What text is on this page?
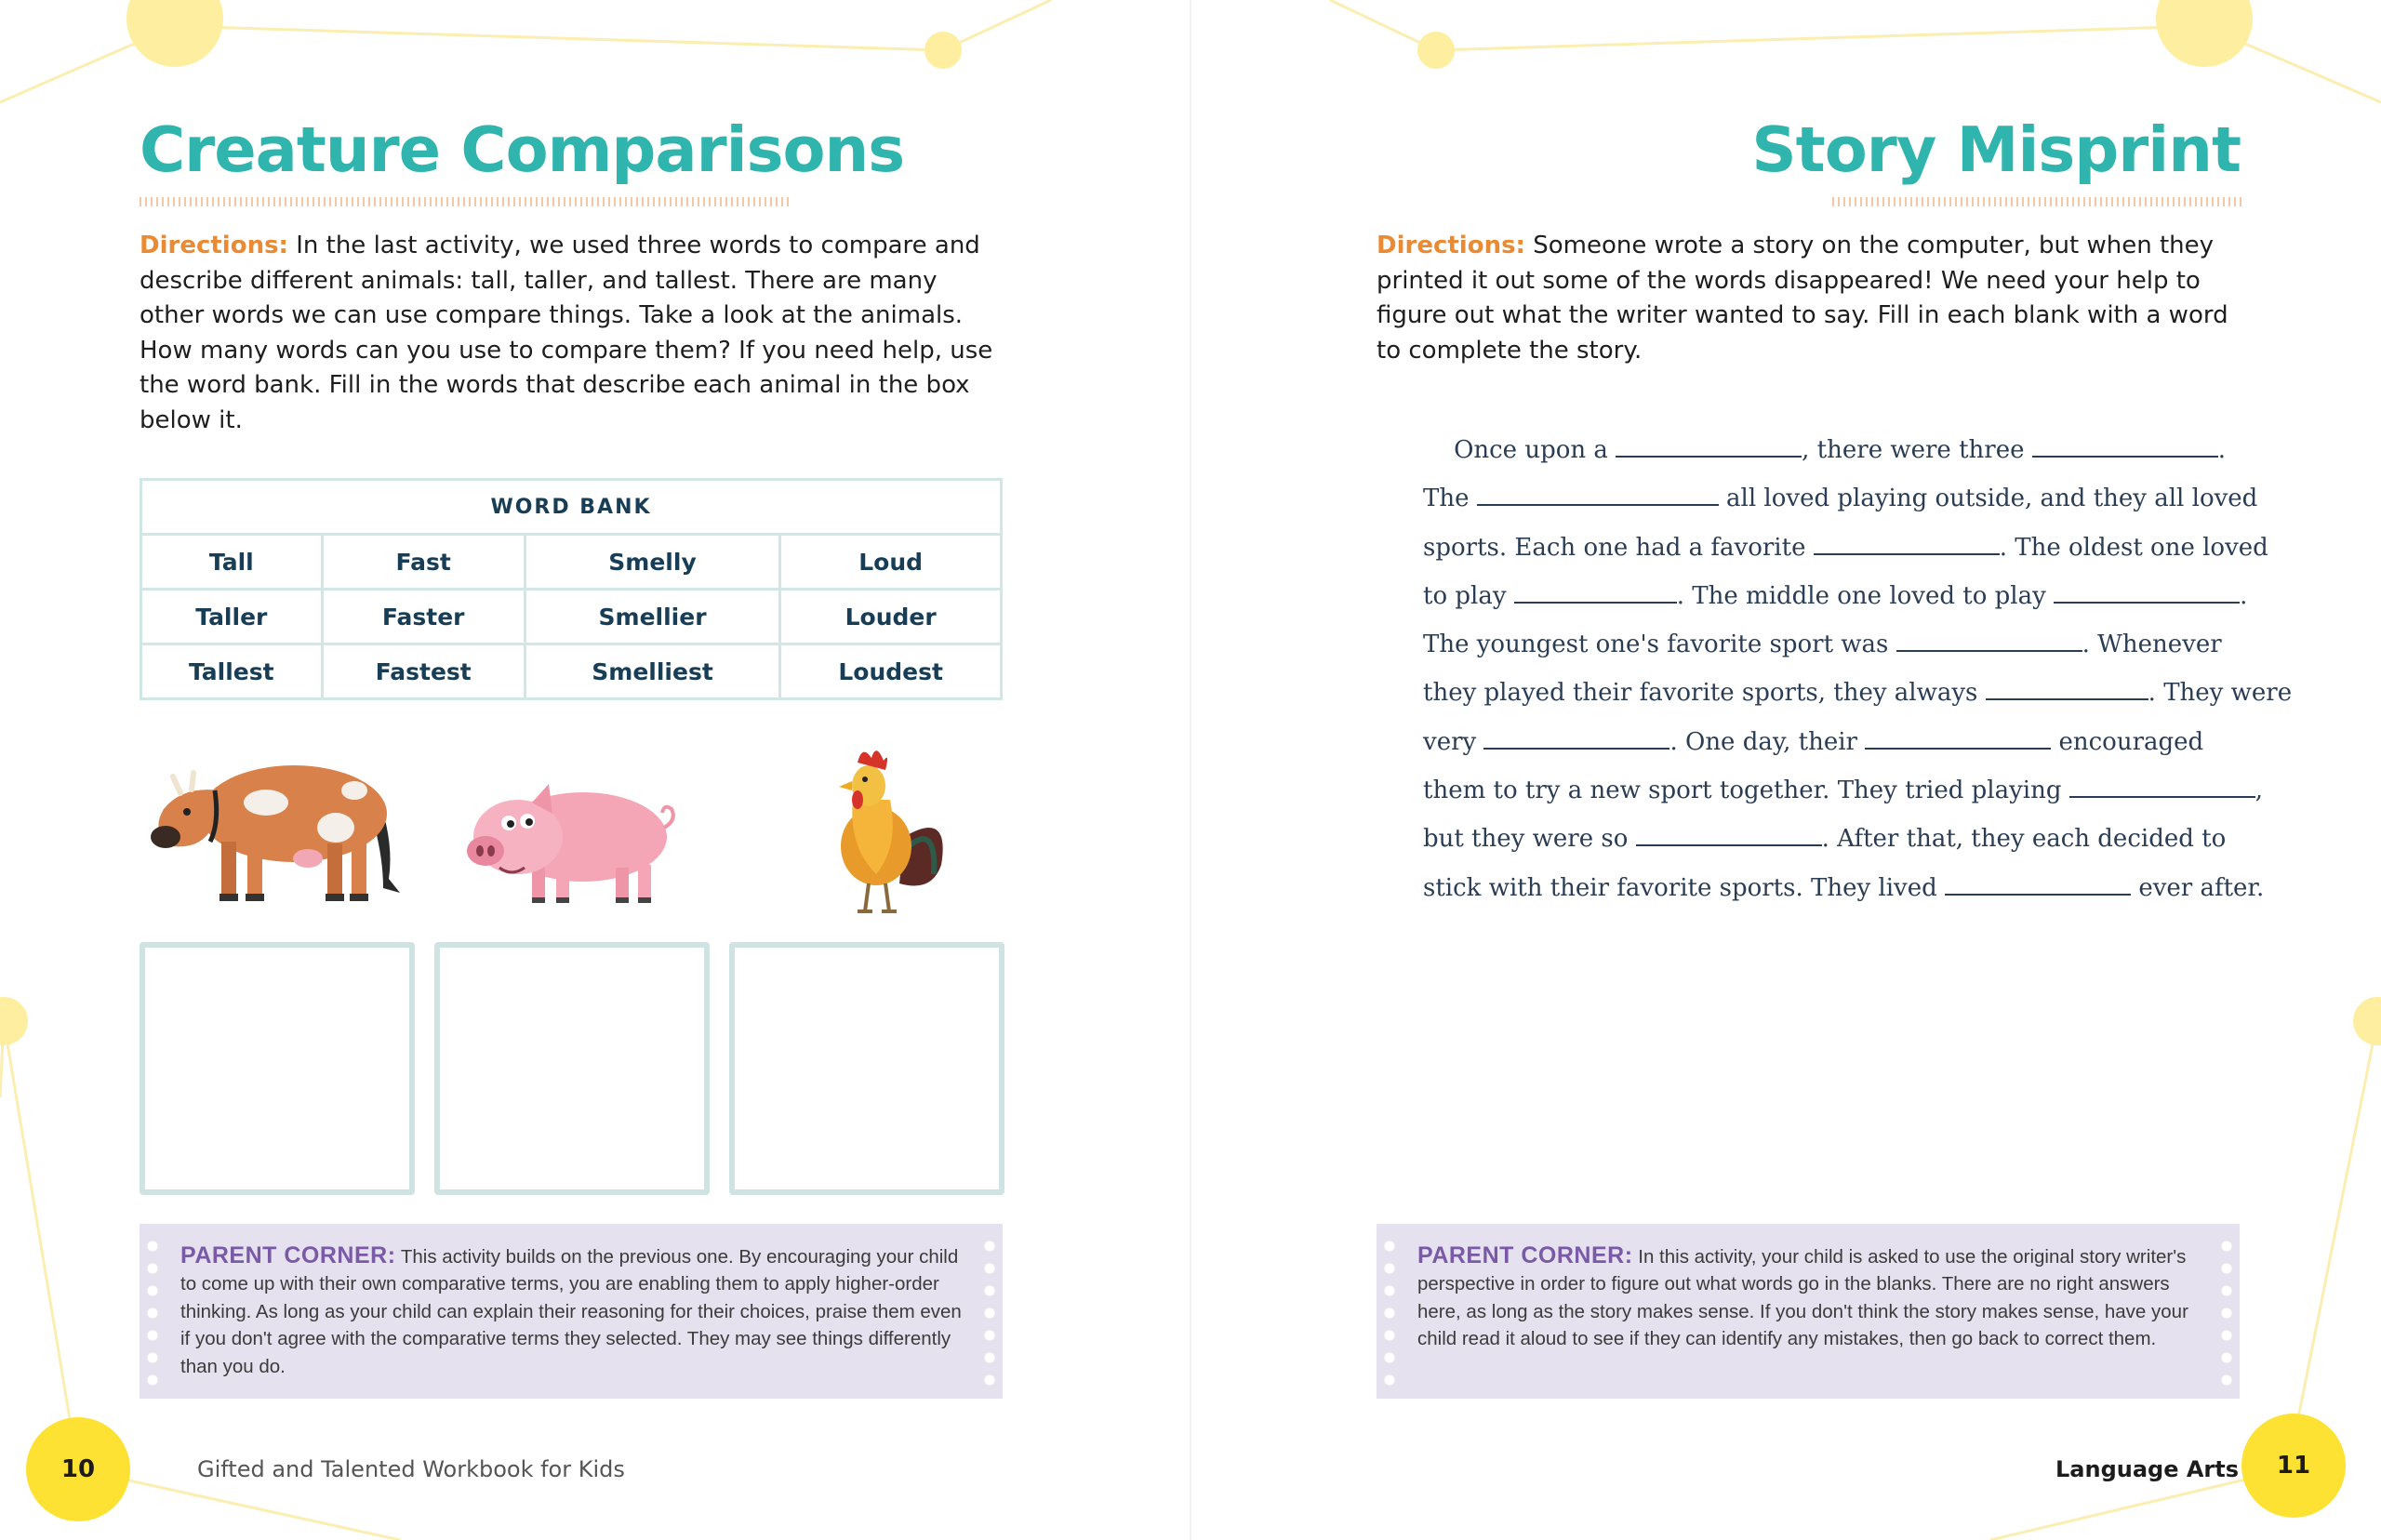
Creature Comparisons

Directions: In the last activity, we used three words to compare and describe different animals: tall, taller, and tallest. There are many other words we can use compare things. Take a look at the animals. How many words can you use to compare them? If you need help, use the word bank. Fill in the words that describe each animal in the box below it.

WORD BANK			
Tall	Fast	Smelly	Loud
Taller	Faster	Smellier	Louder
Tallest	Fastest	Smelliest	Loudest

PARENT CORNER: This activity builds on the previous one. By encouraging your child to come up with their own comparative terms, you are enabling them to apply higher-order thinking. As long as your child can explain their reasoning for their choices, praise them even if you don't agree with the comparative terms they selected. They may see things differently than you do.

10	Gifted and Talented Workbook for Kids
Story Misprint

Directions: Someone wrote a story on the computer, but when they printed it out some of the words disappeared! We need your help to figure out what the writer wanted to say. Fill in each blank with a word to complete the story.

Once upon a	, there were three	.
The	all loved playing outside, and they all loved
sports. Each one had a favorite	. The oldest one loved
to play	. The middle one loved to play	.
The youngest one's favorite sport was	. Whenever
they played their favorite sports, they always	. They were
very	. One day, their	encouraged
them to try a new sport together. They tried playing	,
but they were so	. After that, they each decided to
stick with their favorite sports. They lived	ever after.

PARENT CORNER: In this activity, your child is asked to use the original story writer's perspective in order to figure out what words go in the blanks. There are no right answers here, as long as the story makes sense. If you don't think the story makes sense, have your child read it aloud to see if they can identify any mistakes, then go back to correct them.

Language Arts	11
